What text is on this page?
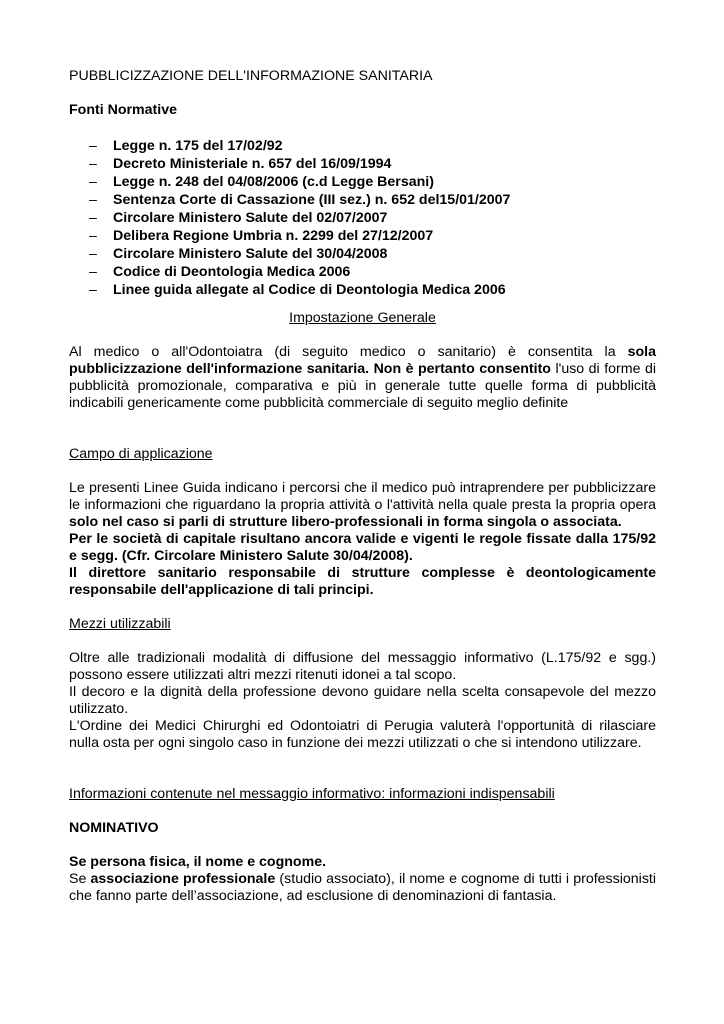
PUBBLICIZZAZIONE DELL'INFORMAZIONE SANITARIA

Fonti Normative

– Legge n. 175 del 17/02/92
– Decreto Ministeriale n. 657 del 16/09/1994
– Legge n. 248 del 04/08/2006 (c.d Legge Bersani)
– Sentenza Corte di Cassazione (III sez.) n. 652 del15/01/2007
– Circolare Ministero Salute del 02/07/2007
– Delibera Regione Umbria n. 2299 del 27/12/2007
– Circolare Ministero Salute del 30/04/2008
– Codice di Deontologia Medica 2006
– Linee guida allegate al Codice di Deontologia Medica 2006

Impostazione Generale

Al medico o all'Odontoiatra (di seguito medico o sanitario) è consentita la sola pubblicizzazione dell'informazione sanitaria. Non è pertanto consentito l'uso di forme di pubblicità promozionale, comparativa e più in generale tutte quelle forma di pubblicità indicabili genericamente come pubblicità commerciale di seguito meglio definite

Campo di applicazione

Le presenti Linee Guida indicano i percorsi che il medico può intraprendere per pubblicizzare le informazioni che riguardano la propria attività o l'attività nella quale presta la propria opera solo nel caso si parli di strutture libero-professionali in forma singola o associata.

Per le società di capitale risultano ancora valide e vigenti le regole fissate dalla 175/92 e segg. (Cfr. Circolare Ministero Salute 30/04/2008).

Il direttore sanitario responsabile di strutture complesse è deontologicamente responsabile dell'applicazione di tali principi.

Mezzi utilizzabili

Oltre alle tradizionali modalità di diffusione del messaggio informativo (L.175/92 e sgg.) possono essere utilizzati altri mezzi ritenuti idonei a tal scopo.

Il decoro e la dignità della professione devono guidare nella scelta consapevole del mezzo utilizzato.

L'Ordine dei Medici Chirurghi ed Odontoiatri di Perugia valuterà l'opportunità di rilasciare nulla osta per ogni singolo caso in funzione dei mezzi utilizzati o che si intendono utilizzare.

Informazioni contenute nel messaggio informativo: informazioni indispensabili

NOMINATIVO

Se persona fisica, il nome e cognome.

Se associazione professionale (studio associato), il nome e cognome di tutti i professionisti che fanno parte dell’associazione, ad esclusione di denominazioni di fantasia.
